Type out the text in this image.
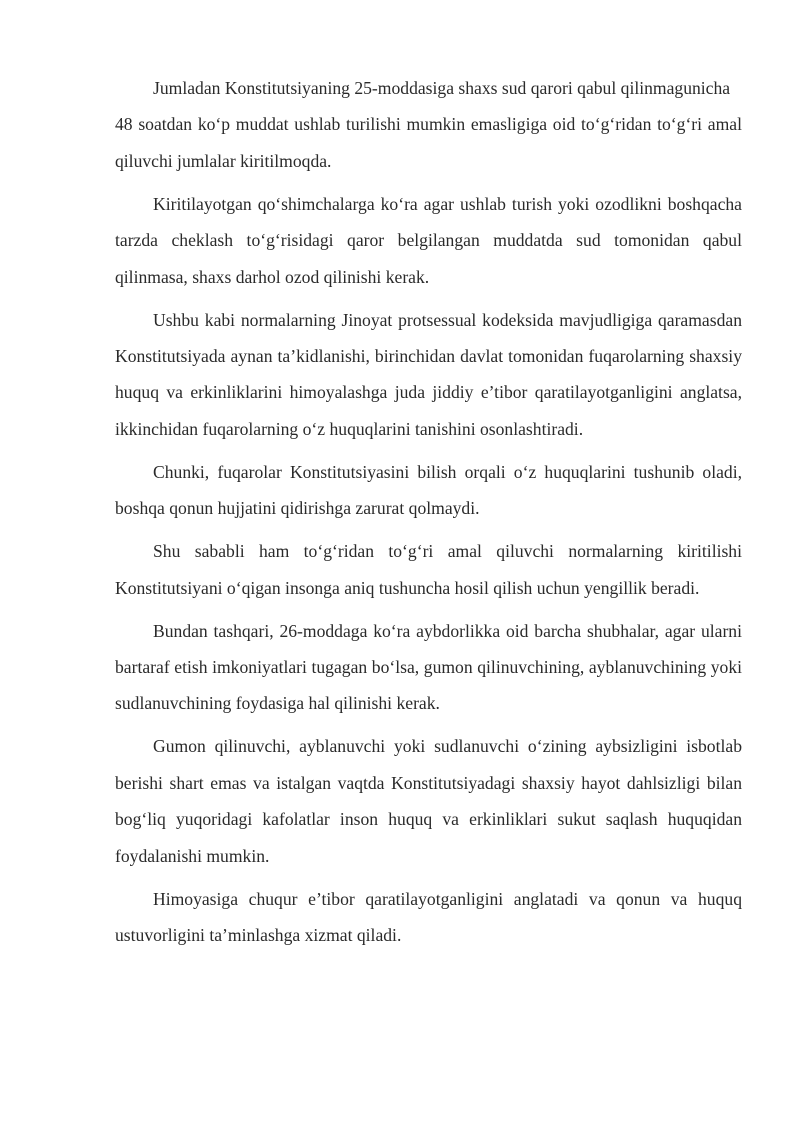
Jumladan Konstitutsiyaning 25-moddasiga shaxs sud qarori qabul qilinmagunicha
48 soatdan ko‘p muddat ushlab turilishi mumkin emasligiga oid to‘g‘ridan to‘g‘ri amal qiluvchi jumlalar kiritilmoqda.

Kiritilayotgan qo‘shimchalarga ko‘ra agar ushlab turish yoki ozodlikni boshqacha tarzda cheklash to‘g‘risidagi qaror belgilangan muddatda sud tomonidan qabul qilinmasa, shaxs darhol ozod qilinishi kerak.

Ushbu kabi normalarning Jinoyat protsessual kodeksida mavjudligiga qaramasdan Konstitutsiyada aynan ta’kidlanishi, birinchidan davlat tomonidan fuqarolarning shaxsiy huquq va erkinliklarini himoyalashga juda jiddiy e’tibor qaratilayotganligini anglatsa, ikkinchidan fuqarolarning o‘z huquqlarini tanishini osonlashtiradi.

Chunki, fuqarolar Konstitutsiyasini bilish orqali o‘z huquqlarini tushunib oladi, boshqa qonun hujjatini qidirishga zarurat qolmaydi.

Shu sababli ham to‘g‘ridan to‘g‘ri amal qiluvchi normalarning kiritilishi Konstitutsiyani o‘qigan insonga aniq tushuncha hosil qilish uchun yengillik beradi.

Bundan tashqari, 26-moddaga ko‘ra aybdorlikka oid barcha shubhalar, agar ularni bartaraf etish imkoniyatlari tugagan bo‘lsa, gumon qilinuvchining, ayblanuvchining yoki sudlanuvchining foydasiga hal qilinishi kerak.

Gumon qilinuvchi, ayblanuvchi yoki sudlanuvchi o‘zining aybsizligini isbotlab berishi shart emas va istalgan vaqtda Konstitutsiyadagi shaxsiy hayot dahlsizligi bilan bog‘liq yuqoridagi kafolatlar inson huquq va erkinliklari sukut saqlash huquqidan foydalanishi mumkin.

Himoyasiga chuqur e’tibor qaratilayotganligini anglatadi va qonun va huquq ustuvorligini ta’minlashga xizmat qiladi.
